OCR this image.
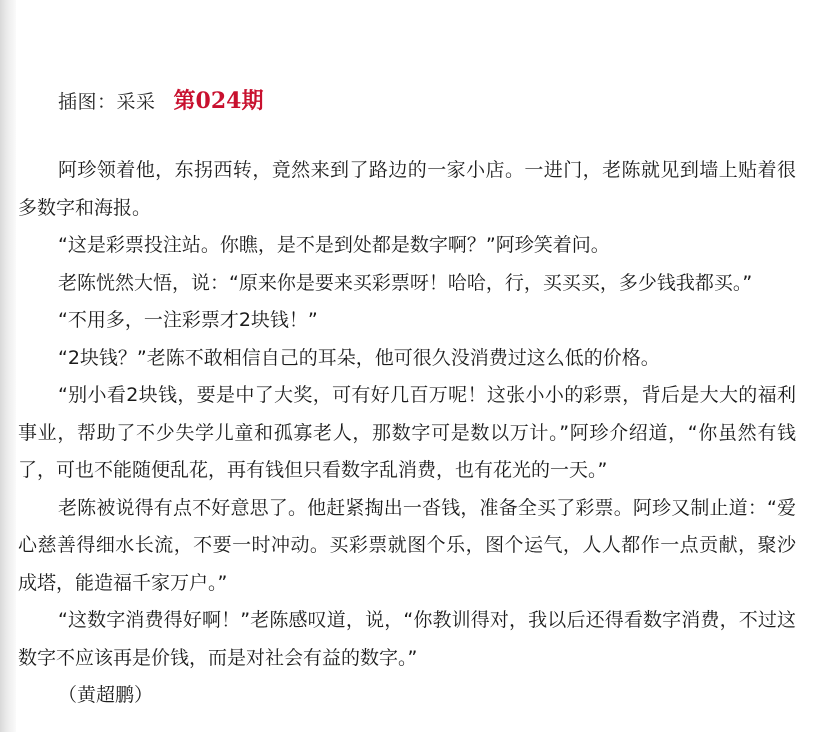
插图：采采 第024期

阿珍领着他，东拐西转，竟然来到了路边的一家小店。一进门，老陈就见到墙上贴着很多数字和海报。

“这是彩票投注站。你瞧，是不是到处都是数字啊？”阿珍笑着问。

老陈恍然大悟，说：“原来你是要来买彩票呀！哈哈，行，买买买，多少钱我都买。”

“不用多，一注彩票才2块钱！”

“2块钱？”老陈不敢相信自己的耳朵，他可很久没消费过这么低的价格。

“别小看2块钱，要是中了大奖，可有好几百万呢！这张小小的彩票，背后是大大的福利事业，帮助了不少失学儿童和孤寡老人，那数字可是数以万计。”阿珍介绍道，“你虽然有钱了，可也不能随便乱花，再有钱但只看数字乱消费，也有花光的一天。”

老陈被说得有点不好意思了。他赶紧掏出一沓钱，准备全买了彩票。阿珍又制止道：“爱心慈善得细水长流，不要一时冲动。买彩票就图个乐，图个运气，人人都作一点贡献，聚沙成塔，能造福千家万户。”

“这数字消费得好啊！”老陈感叹道，说，“你教训得对，我以后还得看数字消费，不过这数字不应该再是价钱，而是对社会有益的数字。”

（黄超鹏）
